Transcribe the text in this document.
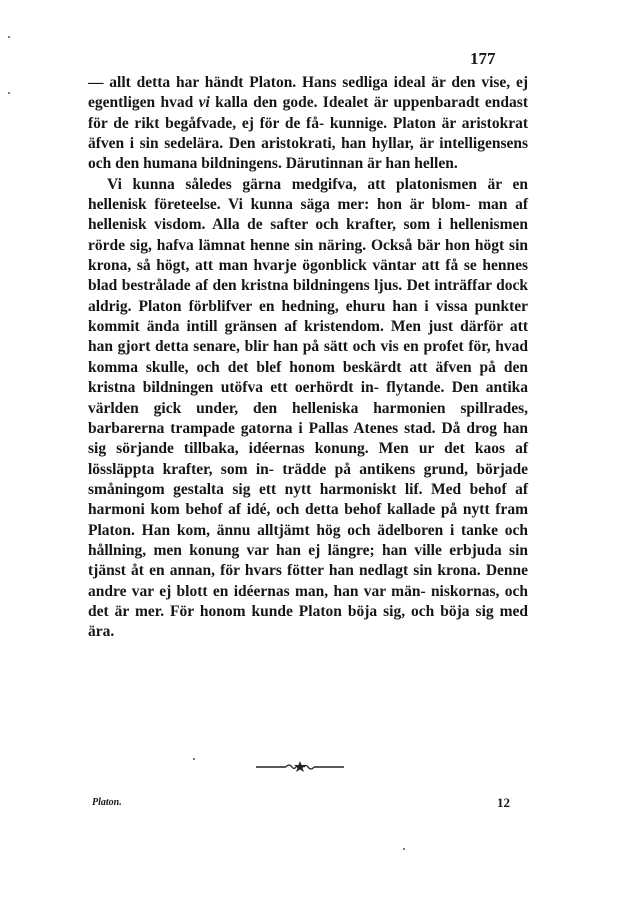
177

— allt detta har händt Platon. Hans sedliga ideal är den vise, ej egentligen hvad vi kalla den gode. Idealet är uppenbaradt endast för de rikt begåfvade, ej för de få- kunnige. Platon är aristokrat äfven i sin sedelära. Den aristokrati, han hyllar, är intelligensens och den humana bildningens. Därutinnan är han hellen.

Vi kunna således gärna medgifva, att platonismen är en hellenisk företeelse. Vi kunna säga mer: hon är blom- man af hellenisk visdom. Alla de safter och krafter, som i hellenismen rörde sig, hafva lämnat henne sin näring. Också bär hon högt sin krona, så högt, att man hvarje ögonblick väntar att få se hennes blad bestrålade af den kristna bildningens ljus. Det inträffar dock aldrig. Platon förblifver en hedning, ehuru han i vissa punkter kommit ända intill gränsen af kristendom. Men just därför att han gjort detta senare, blir han på sätt och vis en profet för, hvad komma skulle, och det blef honom beskärdt att äfven på den kristna bildningen utöfva ett oerhördt in- flytande. Den antika världen gick under, den helleniska harmonien spillrades, barbarerna trampade gatorna i Pallas Atenes stad. Då drog han sig sörjande tillbaka, idéernas konung. Men ur det kaos af lössläppta krafter, som in- trädde på antikens grund, började småningom gestalta sig ett nytt harmoniskt lif. Med behof af harmoni kom behof af idé, och detta behof kallade på nytt fram Platon. Han kom, ännu alltjämt hög och ädelboren i tanke och hållning, men konung var han ej längre; han ville erbjuda sin tjänst åt en annan, för hvars fötter han nedlagt sin krona. Denne andre var ej blott en idéernas man, han var män- niskornas, och det är mer. För honom kunde Platon böja sig, och böja sig med ära.

Platon.	12
